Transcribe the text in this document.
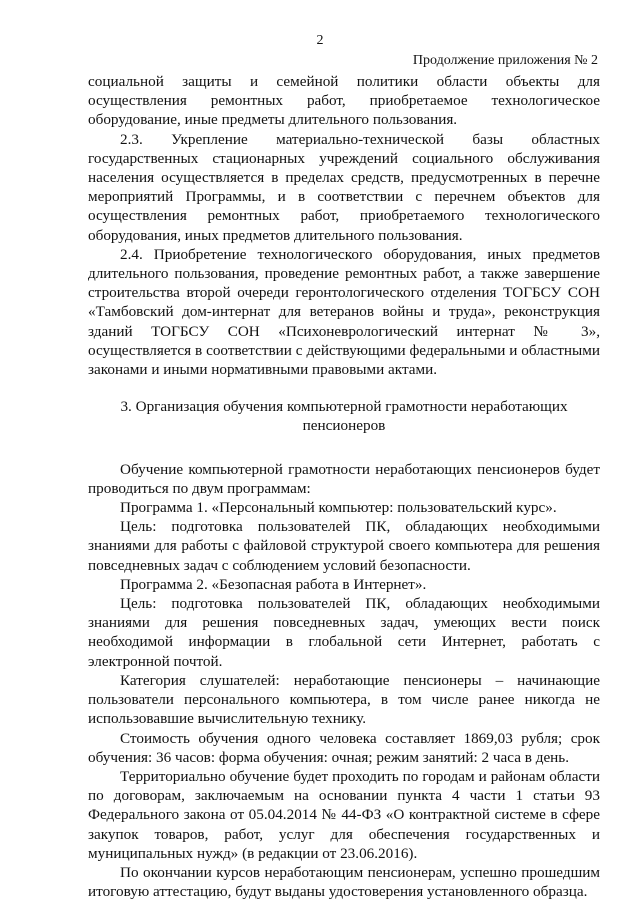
2
Продолжение приложения № 2

социальной защиты и семейной политики области объекты для осуществления ремонтных работ, приобретаемое технологическое оборудование, иные предметы длительного пользования.

2.3. Укрепление материально-технической базы областных государственных стационарных учреждений социального обслуживания населения осуществляется в пределах средств, предусмотренных в перечне мероприятий Программы, и в соответствии с перечнем объектов для осуществления ремонтных работ, приобретаемого технологического оборудования, иных предметов длительного пользования.

2.4. Приобретение технологического оборудования, иных предметов длительного пользования, проведение ремонтных работ, а также завершение строительства второй очереди геронтологического отделения ТОГБСУ СОН «Тамбовский дом-интернат для ветеранов войны и труда», реконструкция зданий ТОГБСУ СОН «Психоневрологический интернат № 3», осуществляется в соответствии с действующими федеральными и областными законами и иными нормативными правовыми актами.

3. Организация обучения компьютерной грамотности неработающих пенсионеров

Обучение компьютерной грамотности неработающих пенсионеров будет проводиться по двум программам:

Программа 1. «Персональный компьютер: пользовательский курс».

Цель: подготовка пользователей ПК, обладающих необходимыми знаниями для работы с файловой структурой своего компьютера для решения повседневных задач с соблюдением условий безопасности.

Программа 2. «Безопасная работа в Интернет».

Цель: подготовка пользователей ПК, обладающих необходимыми знаниями для решения повседневных задач, умеющих вести поиск необходимой информации в глобальной сети Интернет, работать с электронной почтой.

Категория слушателей: неработающие пенсионеры – начинающие пользователи персонального компьютера, в том числе ранее никогда не использовавшие вычислительную технику.

Стоимость обучения одного человека составляет 1869,03 рубля; срок обучения: 36 часов: форма обучения: очная; режим занятий: 2 часа в день.

Территориально обучение будет проходить по городам и районам области по договорам, заключаемым на основании пункта 4 части 1 статьи 93 Федерального закона от 05.04.2014 № 44-ФЗ «О контрактной системе в сфере закупок товаров, работ, услуг для обеспечения государственных и муниципальных нужд» (в редакции от 23.06.2016).

По окончании курсов неработающим пенсионерам, успешно прошедшим итоговую аттестацию, будут выданы удостоверения установленного образца.
